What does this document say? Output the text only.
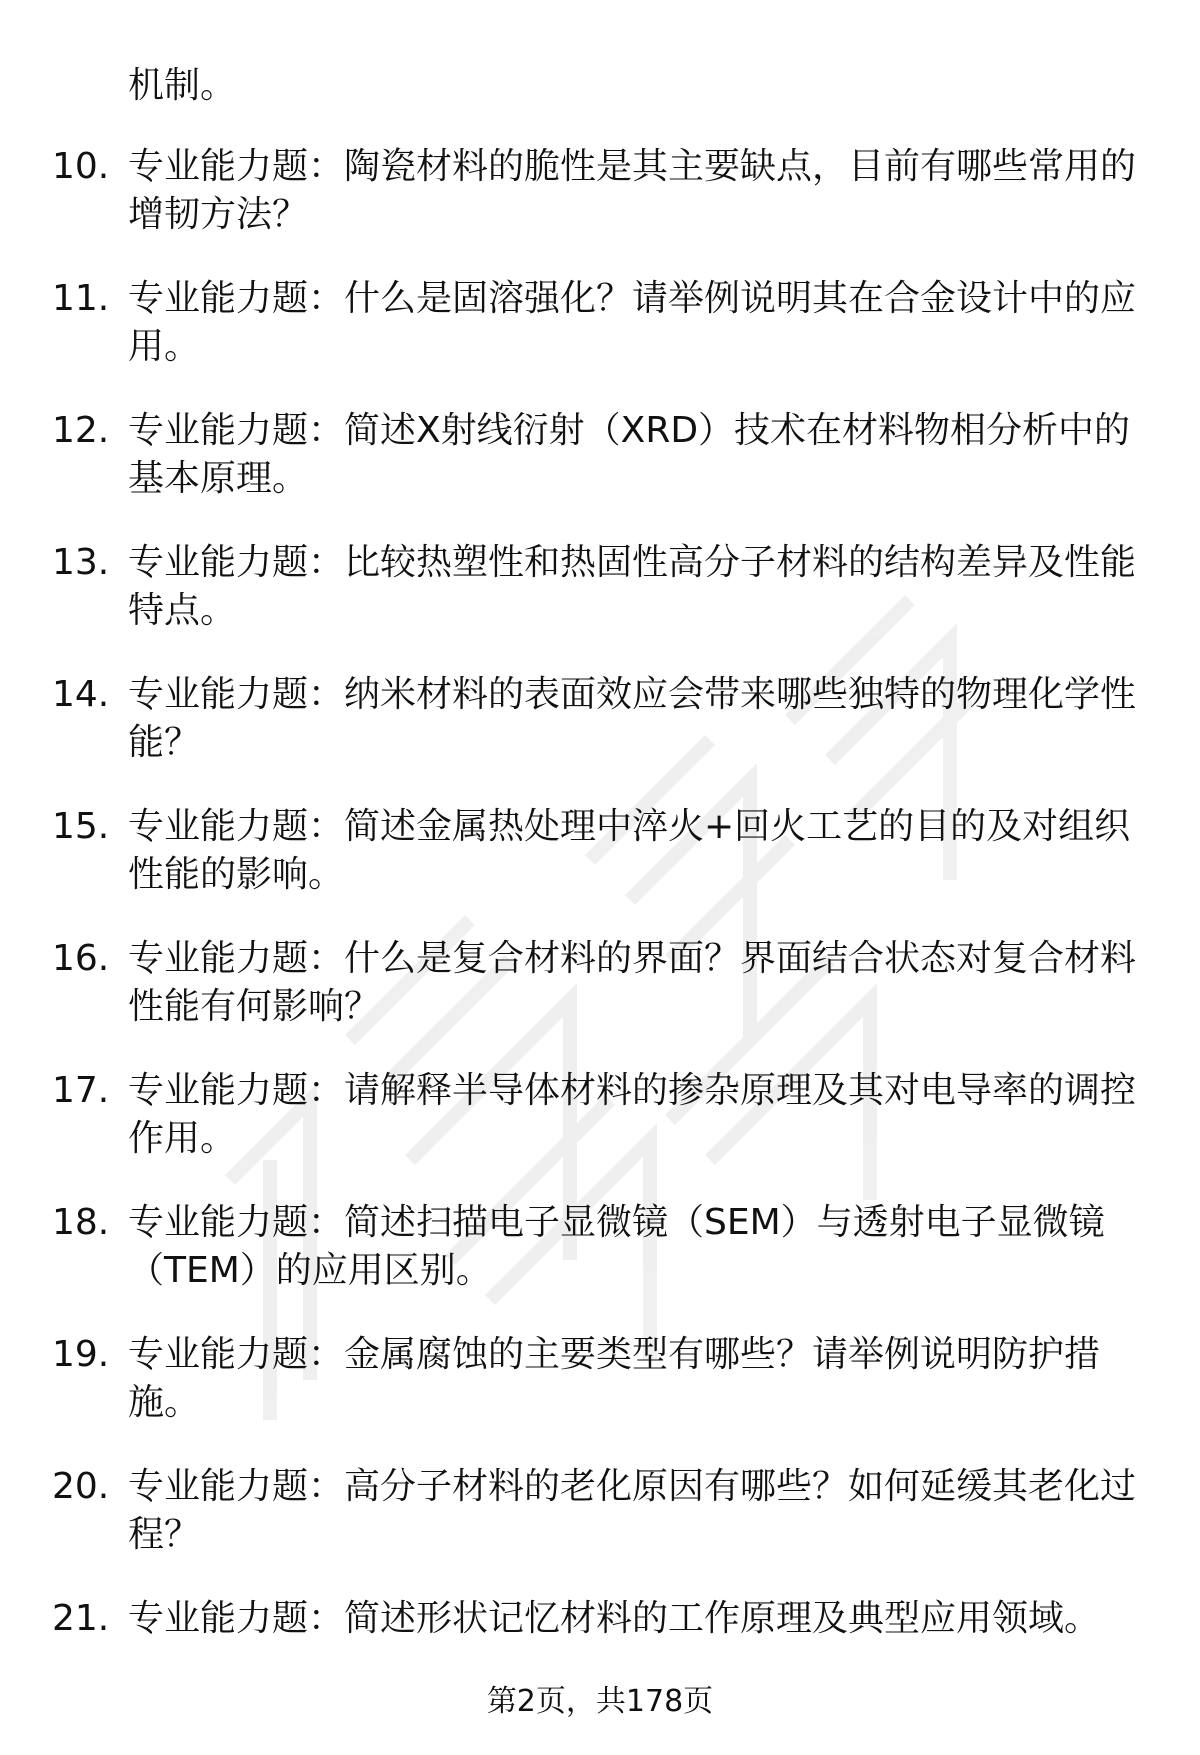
机制。
10. 专业能力题：陶瓷材料的脆性是其主要缺点，目前有哪些常用的增韧方法？
11. 专业能力题：什么是固溶强化？请举例说明其在合金设计中的应用。
12. 专业能力题：简述X射线衍射（XRD）技术在材料物相分析中的基本原理。
13. 专业能力题：比较热塑性和热固性高分子材料的结构差异及性能特点。
14. 专业能力题：纳米材料的表面效应会带来哪些独特的物理化学性能？
15. 专业能力题：简述金属热处理中淬火+回火工艺的目的及对组织性能的影响。
16. 专业能力题：什么是复合材料的界面？界面结合状态对复合材料性能有何影响？
17. 专业能力题：请解释半导体材料的掺杂原理及其对电导率的调控作用。
18. 专业能力题：简述扫描电子显微镜（SEM）与透射电子显微镜（TEM）的应用区别。
19. 专业能力题：金属腐蚀的主要类型有哪些？请举例说明防护措施。
20. 专业能力题：高分子材料的老化原因有哪些？如何延缓其老化过程？
21. 专业能力题：简述形状记忆材料的工作原理及典型应用领域。
第2页，共178页
